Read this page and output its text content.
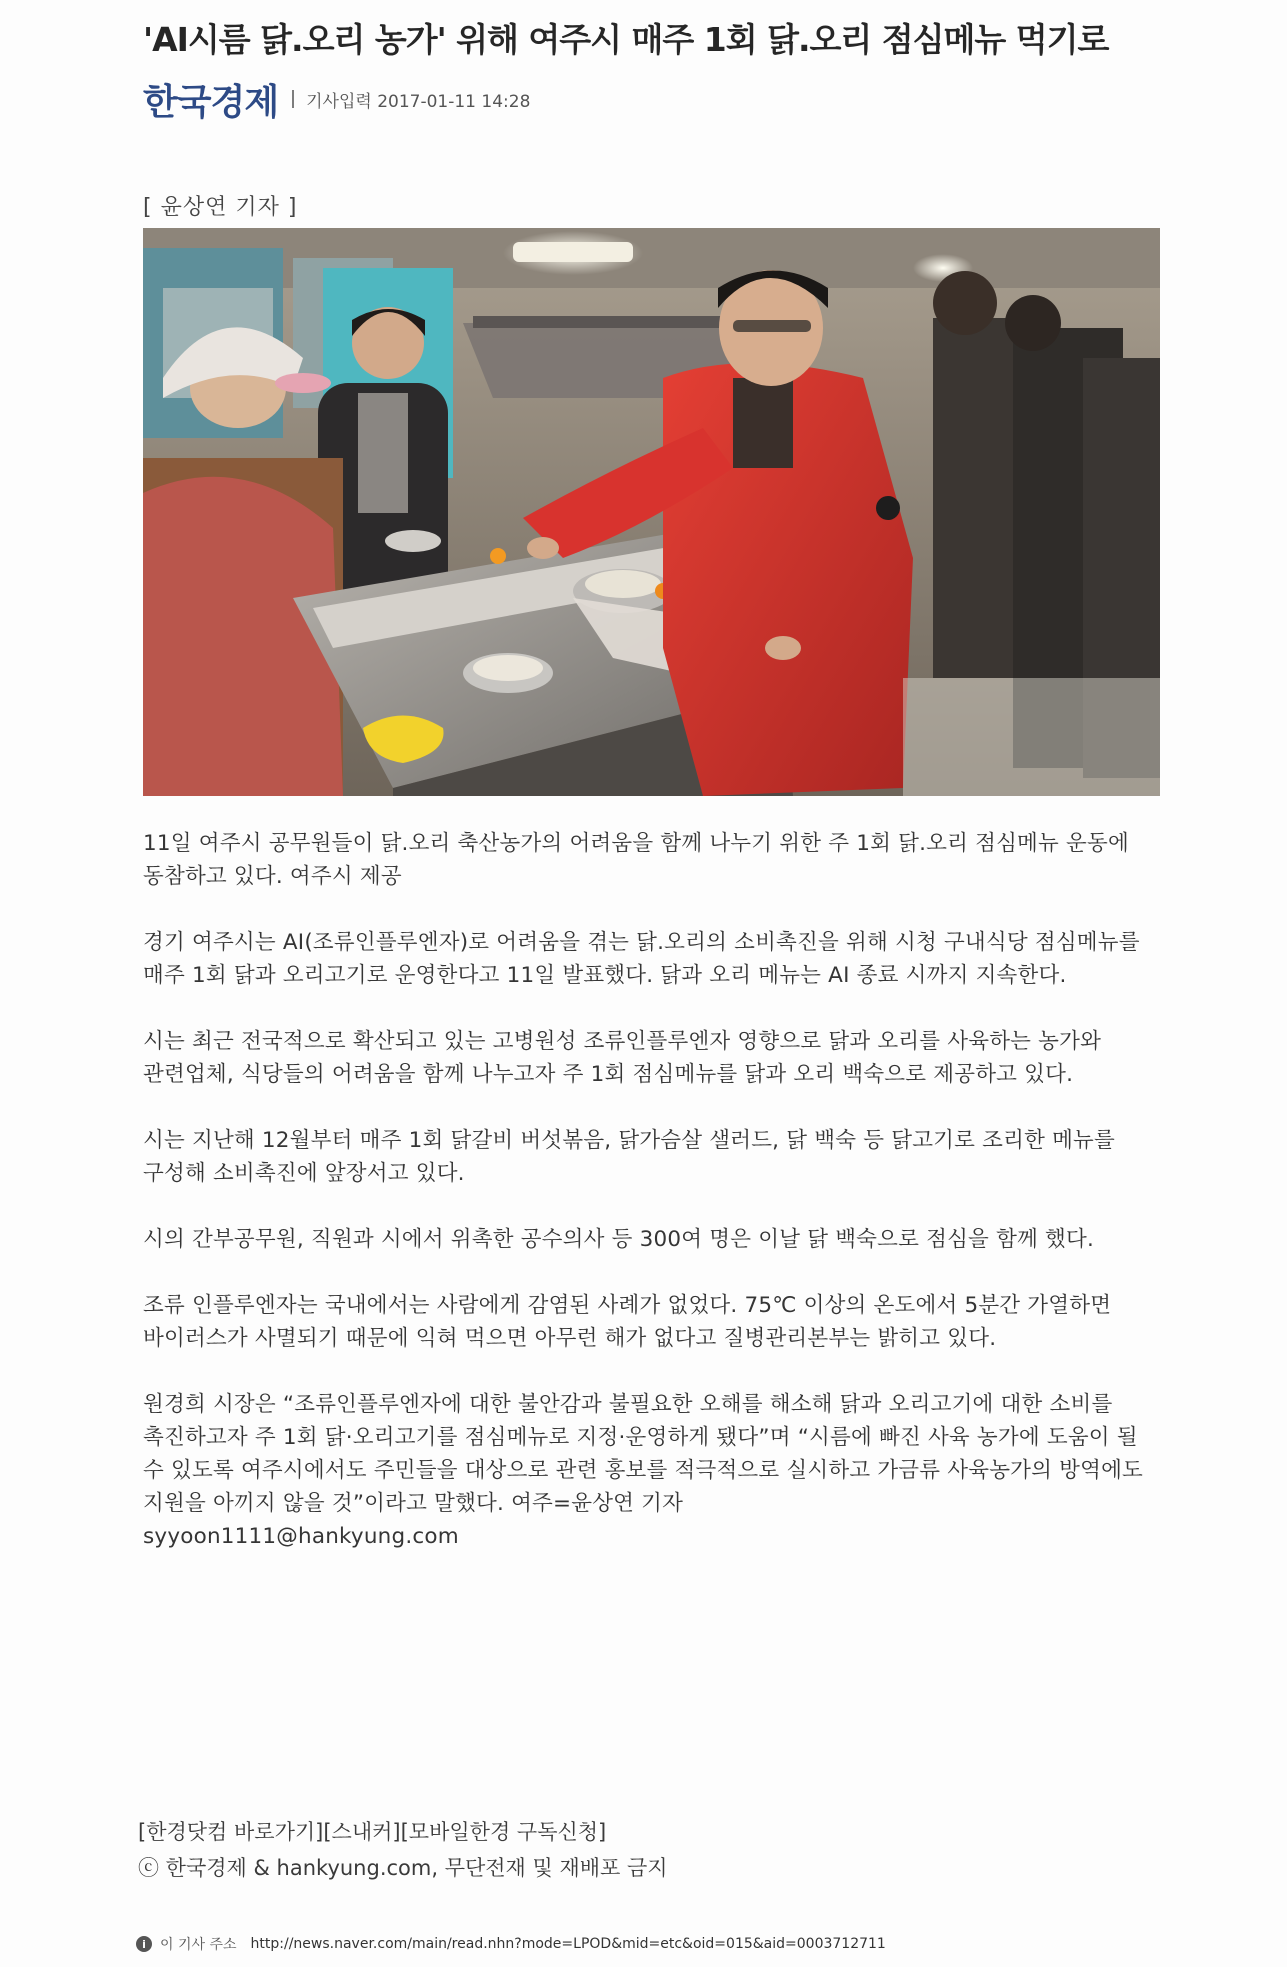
'AI시름 닭.오리 농가' 위해 여주시 매주 1회 닭.오리 점심메뉴 먹기로
한국경제 기사입력 2017-01-11 14:28
[ 윤상연 기자 ]

11일 여주시 공무원들이 닭.오리 축산농가의 어려움을 함께 나누기 위한 주 1회 닭.오리 점심메뉴 운동에 동참하고 있다. 여주시 제공

경기 여주시는 AI(조류인플루엔자)로 어려움을 겪는 닭.오리의 소비촉진을 위해 시청 구내식당 점심메뉴를 매주 1회 닭과 오리고기로 운영한다고 11일 발표했다. 닭과 오리 메뉴는 AI 종료 시까지 지속한다.

시는 최근 전국적으로 확산되고 있는 고병원성 조류인플루엔자 영향으로 닭과 오리를 사육하는 농가와 관련업체, 식당들의 어려움을 함께 나누고자 주 1회 점심메뉴를 닭과 오리 백숙으로 제공하고 있다.

시는 지난해 12월부터 매주 1회 닭갈비 버섯볶음, 닭가슴살 샐러드, 닭 백숙 등 닭고기로 조리한 메뉴를 구성해 소비촉진에 앞장서고 있다.

시의 간부공무원, 직원과 시에서 위촉한 공수의사 등 300여 명은 이날 닭 백숙으로 점심을 함께 했다.

조류 인플루엔자는 국내에서는 사람에게 감염된 사례가 없었다. 75℃ 이상의 온도에서 5분간 가열하면 바이러스가 사멸되기 때문에 익혀 먹으면 아무런 해가 없다고 질병관리본부는 밝히고 있다.

원경희 시장은 “조류인플루엔자에 대한 불안감과 불필요한 오해를 해소해 닭과 오리고기에 대한 소비를 촉진하고자 주 1회 닭·오리고기를 점심메뉴로 지정·운영하게 됐다”며 “시름에 빠진 사육 농가에 도움이 될 수 있도록 여주시에서도 주민들을 대상으로 관련 홍보를 적극적으로 실시하고 가금류 사육농가의 방역에도 지원을 아끼지 않을 것”이라고 말했다. 여주=윤상연 기자
syyoon1111@hankyung.com

[한경닷컴 바로가기] [스내커] [모바일한경 구독신청]
ⓒ 한국경제 & hankyung.com, 무단전재 및 재배포 금지
i	이 기사 주소 http://news.naver.com/main/read.nhn?mode=LPOD&mid=etc&oid=015&aid=0003712711
